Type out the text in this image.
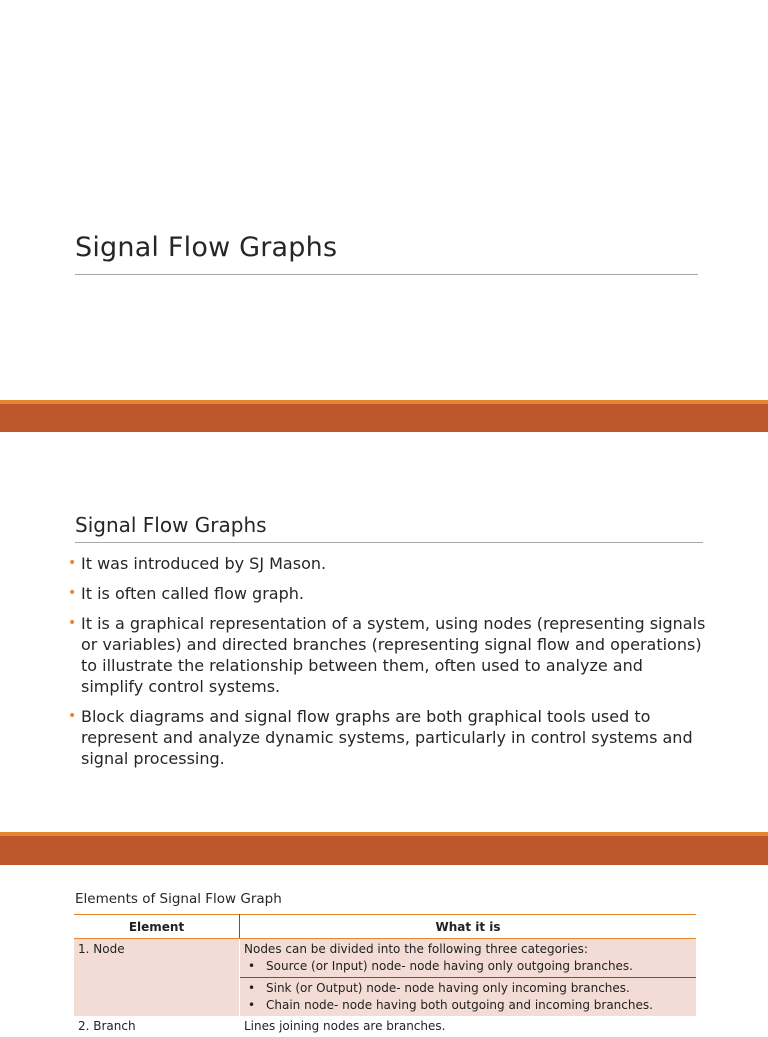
Signal Flow Graphs
Signal Flow Graphs
• It was introduced by SJ Mason.
• It is often called flow graph.
• It is a graphical representation of a system, using nodes (representing signals or variables) and directed branches (representing signal flow and operations) to illustrate the relationship between them, often used to analyze and simplify control systems.
• Block diagrams and signal flow graphs are both graphical tools used to represent and analyze dynamic systems, particularly in control systems and signal processing.
Elements of Signal Flow Graph
Element	What it is
1. Node	Nodes can be divided into the following three categories:
• Source (or Input) node- node having only outgoing branches.

	• Sink (or Output) node- node having only incoming branches.
• Chain node- node having both outgoing and incoming branches.

2. Branch	Lines joining nodes are branches.
